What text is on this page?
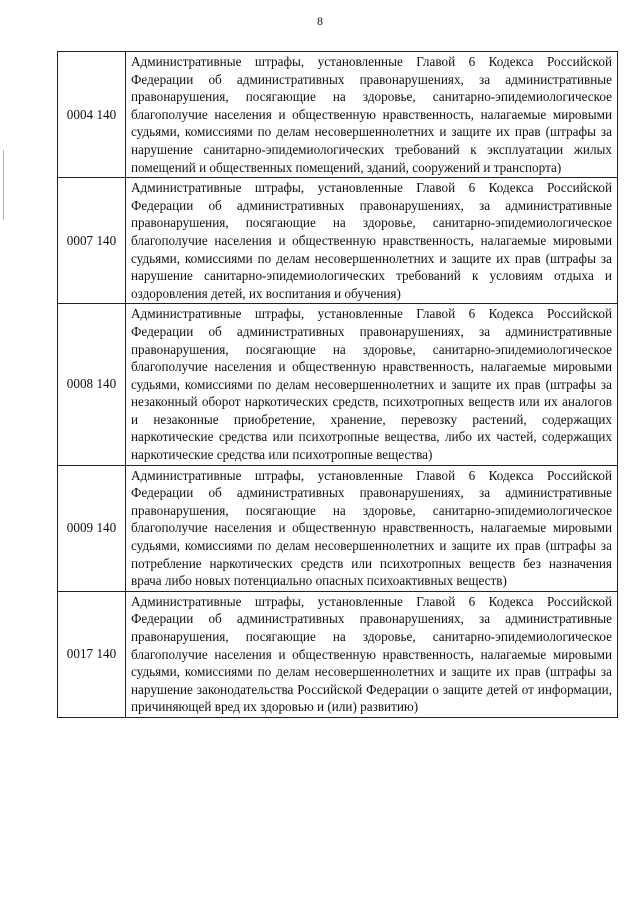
8
0004 140	Административные штрафы, установленные Главой 6 Кодекса Российской Федерации об административных правонарушениях, за административные правонарушения, посягающие на здоровье, санитарно-эпидемиологическое благополучие населения и общественную нравственность, налагаемые мировыми судьями, комиссиями по делам несовершеннолетних и защите их прав (штрафы за нарушение санитарно-эпидемиологических требований к эксплуатации жилых помещений и общественных помещений, зданий, сооружений и транспорта)
0007 140	Административные штрафы, установленные Главой 6 Кодекса Российской Федерации об административных правонарушениях, за административные правонарушения, посягающие на здоровье, санитарно-эпидемиологическое благополучие населения и общественную нравственность, налагаемые мировыми судьями, комиссиями по делам несовершеннолетних и защите их прав (штрафы за нарушение санитарно-эпидемиологических требований к условиям отдыха и оздоровления детей, их воспитания и обучения)
0008 140	Административные штрафы, установленные Главой 6 Кодекса Российской Федерации об административных правонарушениях, за административные правонарушения, посягающие на здоровье, санитарно-эпидемиологическое благополучие населения и общественную нравственность, налагаемые мировыми судьями, комиссиями по делам несовершеннолетних и защите их прав (штрафы за незаконный оборот наркотических средств, психотропных веществ или их аналогов и незаконные приобретение, хранение, перевозку растений, содержащих наркотические средства или психотропные вещества, либо их частей, содержащих наркотические средства или психотропные вещества)
0009 140	Административные штрафы, установленные Главой 6 Кодекса Российской Федерации об административных правонарушениях, за административные правонарушения, посягающие на здоровье, санитарно-эпидемиологическое благополучие населения и общественную нравственность, налагаемые мировыми судьями, комиссиями по делам несовершеннолетних и защите их прав (штрафы за потребление наркотических средств или психотропных веществ без назначения врача либо новых потенциально опасных психоактивных веществ)
0017 140	Административные штрафы, установленные Главой 6 Кодекса Российской Федерации об административных правонарушениях, за административные правонарушения, посягающие на здоровье, санитарно-эпидемиологическое благополучие населения и общественную нравственность, налагаемые мировыми судьями, комиссиями по делам несовершеннолетних и защите их прав (штрафы за нарушение законодательства Российской Федерации о защите детей от информации, причиняющей вред их здоровью и (или) развитию)
